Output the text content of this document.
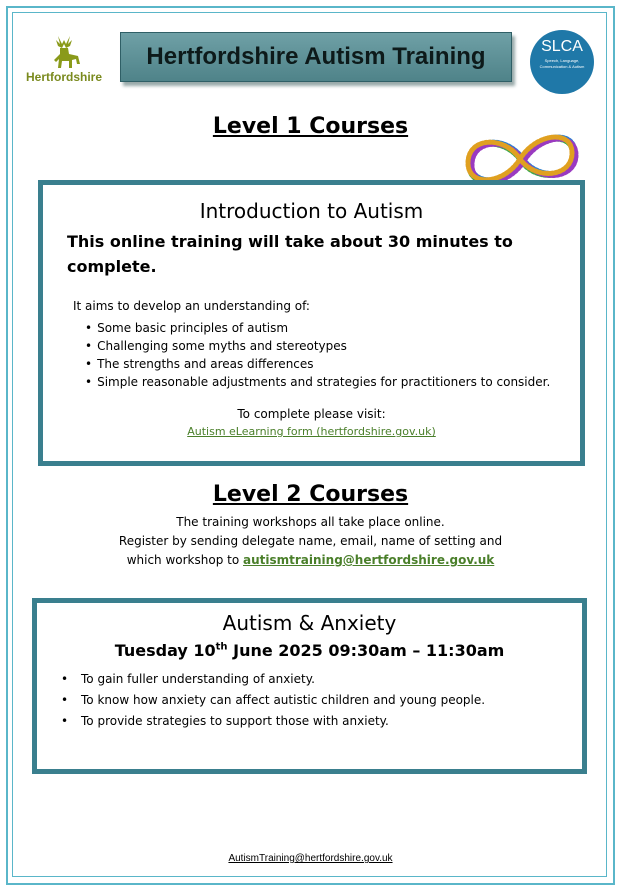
Hertfordshire
Hertfordshire Autism Training	SLCA
Speech, Language, Communication & Autism
Level 1 Courses
Introduction to Autism
This online training will take about 30 minutes to complete.
It aims to develop an understanding of:
• Some basic principles of autism
• Challenging some myths and stereotypes
• The strengths and areas differences
• Simple reasonable adjustments and strategies for practitioners to consider.
To complete please visit:
Autism eLearning form (hertfordshire.gov.uk)
Level 2 Courses
The training workshops all take place online.
Register by sending delegate name, email, name of setting and
which workshop to autismtraining@hertfordshire.gov.uk
Autism & Anxiety
Tuesday 10th June 2025 09:30am – 11:30am
• To gain fuller understanding of anxiety.
• To know how anxiety can affect autistic children and young people.
• To provide strategies to support those with anxiety.
AutismTraining@hertfordshire.gov.uk
